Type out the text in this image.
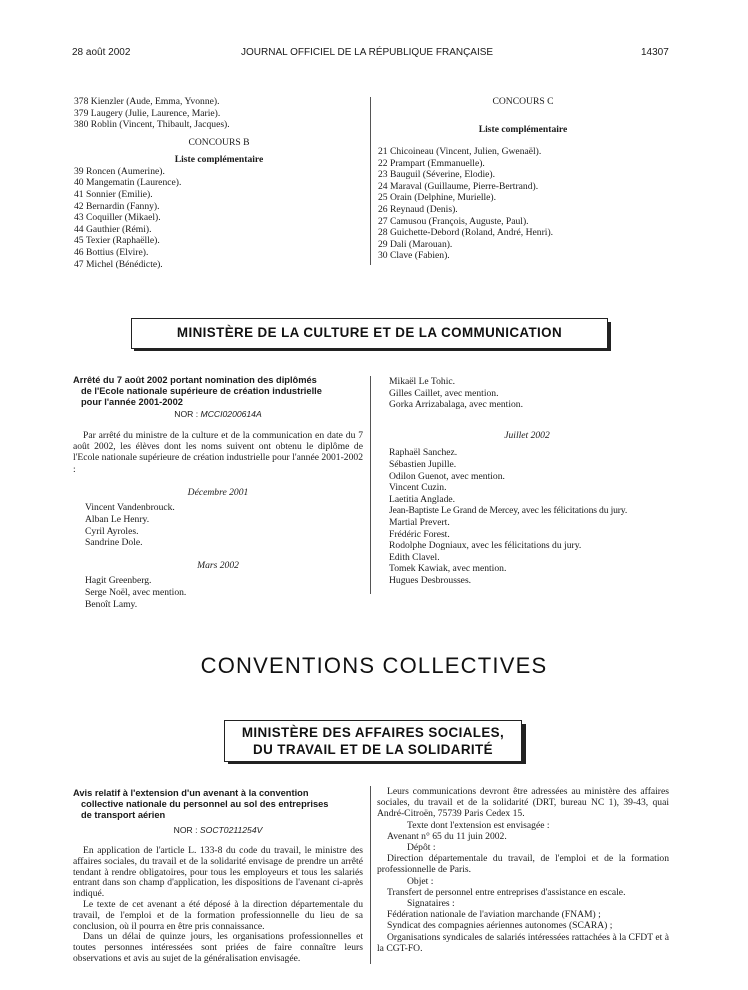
28 août 2002	JOURNAL OFFICIEL DE LA RÉPUBLIQUE FRANÇAISE	14307
378 Kienzler (Aude, Emma, Yvonne).
379 Laugery (Julie, Laurence, Marie).
380 Roblin (Vincent, Thibault, Jacques).
CONCOURS B
Liste complémentaire
39 Roncen (Aumerine).
40 Mangematin (Laurence).
41 Sonnier (Emilie).
42 Bernardin (Fanny).
43 Coquiller (Mikael).
44 Gauthier (Rémi).
45 Texier (Raphaëlle).
46 Bottius (Elvire).
47 Michel (Bénédicte).
CONCOURS C
Liste complémentaire
21 Chicoineau (Vincent, Julien, Gwenaël).
22 Prampart (Emmanuelle).
23 Bauguil (Séverine, Elodie).
24 Maraval (Guillaume, Pierre-Bertrand).
25 Orain (Delphine, Murielle).
26 Reynaud (Denis).
27 Camusou (François, Auguste, Paul).
28 Guichette-Debord (Roland, André, Henri).
29 Dali (Marouan).
30 Clave (Fabien).
MINISTÈRE DE LA CULTURE ET DE LA COMMUNICATION
Arrêté du 7 août 2002 portant nomination des diplômés
de l'Ecole nationale supérieure de création industrielle
pour l'année 2001-2002
NOR : MCCI0200614A
Par arrêté du ministre de la culture et de la communication en date du 7 août 2002, les élèves dont les noms suivent ont obtenu le diplôme de l'Ecole nationale supérieure de création industrielle pour l'année 2001-2002 :
Décembre 2001
Vincent Vandenbrouck.
Alban Le Henry.
Cyril Ayroles.
Sandrine Dole.
Mars 2002
Hagit Greenberg.
Serge Noël, avec mention.
Benoît Lamy.
Mikaël Le Tohic.
Gilles Caillet, avec mention.
Gorka Arrizabalaga, avec mention.
Juillet 2002
Raphaël Sanchez.
Sébastien Jupille.
Odilon Guenot, avec mention.
Vincent Cuzin.
Laetitia Anglade.
Jean-Baptiste Le Grand de Mercey, avec les félicitations du jury.
Martial Prevert.
Frédéric Forest.
Rodolphe Dogniaux, avec les félicitations du jury.
Edith Clavel.
Tomek Kawiak, avec mention.
Hugues Desbrousses.
CONVENTIONS COLLECTIVES
MINISTÈRE DES AFFAIRES SOCIALES,
DU TRAVAIL ET DE LA SOLIDARITÉ
Avis relatif à l'extension d'un avenant à la convention
collective nationale du personnel au sol des entreprises
de transport aérien
NOR : SOCT0211254V
En application de l'article L. 133-8 du code du travail, le ministre des affaires sociales, du travail et de la solidarité envisage de prendre un arrêté tendant à rendre obligatoires, pour tous les employeurs et tous les salariés entrant dans son champ d'application, les dispositions de l'avenant ci-après indiqué.
Le texte de cet avenant a été déposé à la direction départementale du travail, de l'emploi et de la formation professionnelle du lieu de sa conclusion, où il pourra en être pris connaissance.
Dans un délai de quinze jours, les organisations professionnelles et toutes personnes intéressées sont priées de faire connaître leurs observations et avis au sujet de la généralisation envisagée.
Leurs communications devront être adressées au ministère des affaires sociales, du travail et de la solidarité (DRT, bureau NC 1), 39-43, quai André-Citroën, 75739 Paris Cedex 15.
Texte dont l'extension est envisagée :
Avenant n° 65 du 11 juin 2002.
Dépôt :
Direction départementale du travail, de l'emploi et de la formation professionnelle de Paris.
Objet :
Transfert de personnel entre entreprises d'assistance en escale.
Signataires :
Fédération nationale de l'aviation marchande (FNAM) ;
Syndicat des compagnies aériennes autonomes (SCARA) ;
Organisations syndicales de salariés intéressées rattachées à la CFDT et à la CGT-FO.
